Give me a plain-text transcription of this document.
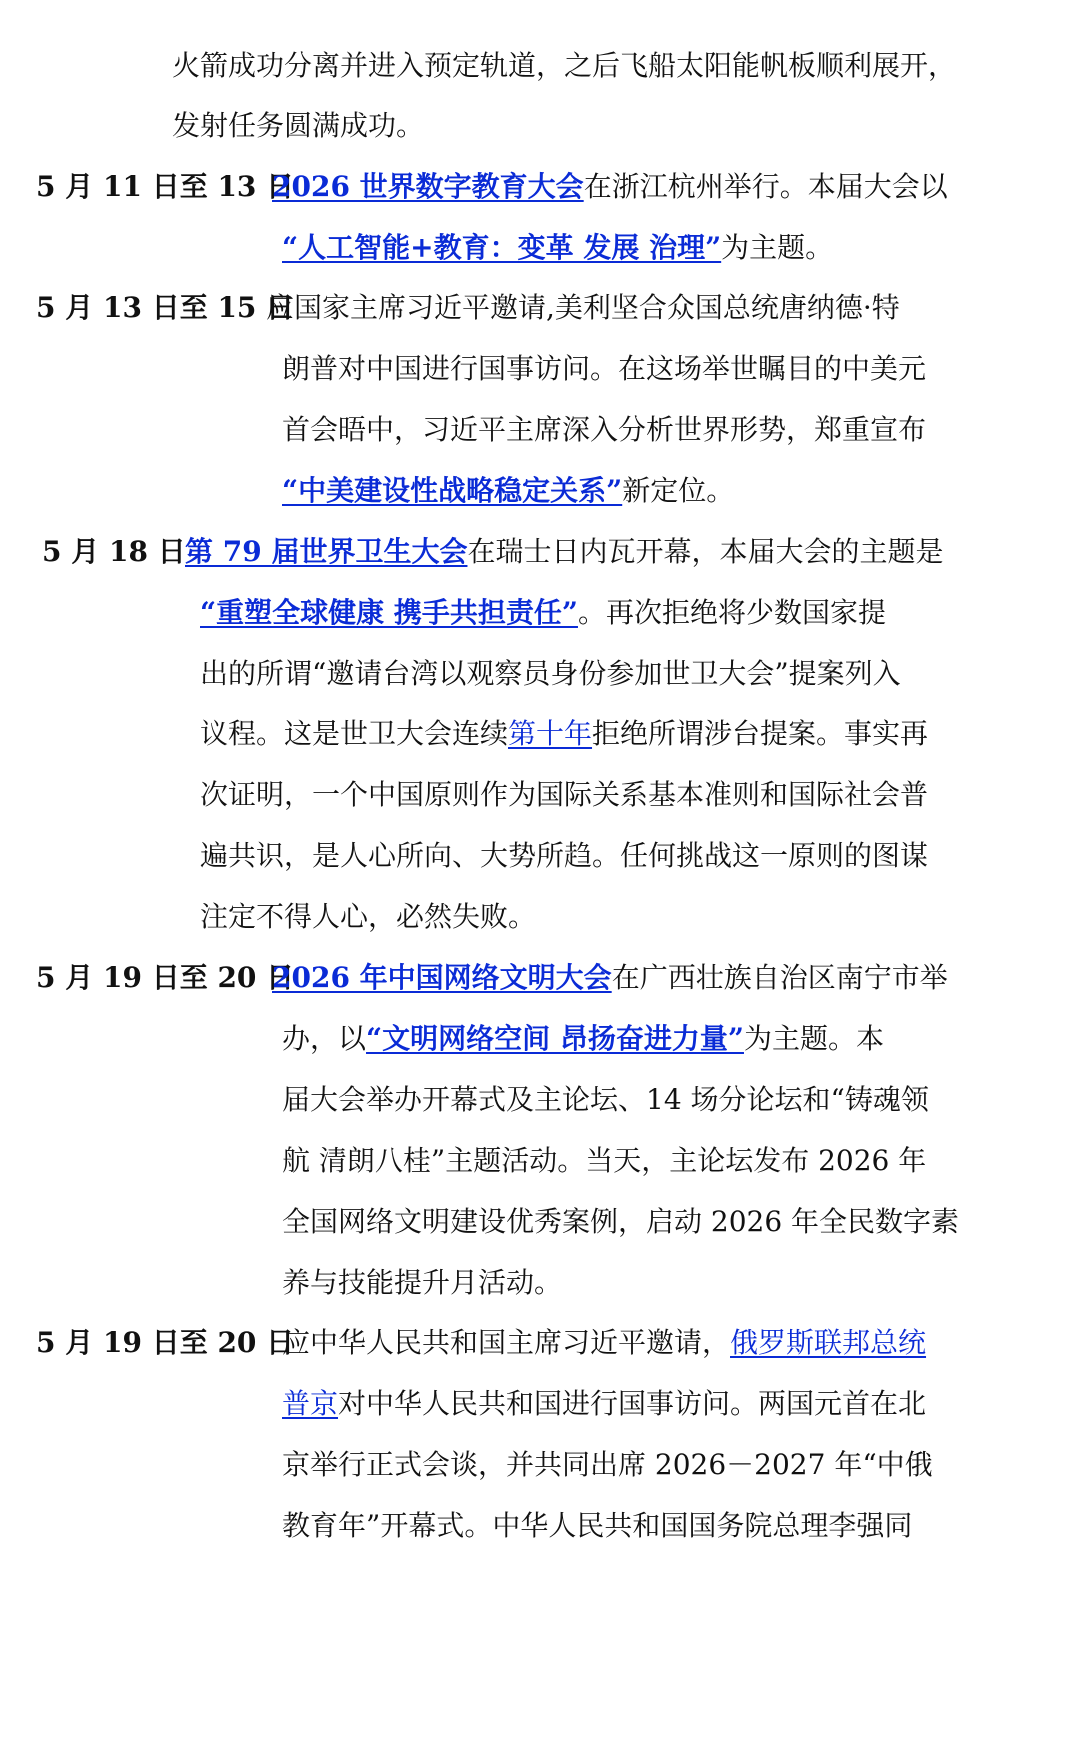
火箭成功分离并进入预定轨道，之后飞船太阳能帆板顺利展开，
发射任务圆满成功。
5 月 11 日至 13 日
2026 世界数字教育大会在浙江杭州举行。本届大会以
“人工智能+教育：变革 发展 治理”为主题。
5 月 13 日至 15 日
应国家主席习近平邀请,美利坚合众国总统唐纳德·特
朗普对中国进行国事访问。在这场举世瞩目的中美元
首会晤中，习近平主席深入分析世界形势，郑重宣布
“中美建设性战略稳定关系”新定位。
5 月 18 日 第 79 届世界卫生大会在瑞士日内瓦开幕，本届大会的主题是
“重塑全球健康 携手共担责任”。再次拒绝将少数国家提
出的所谓“邀请台湾以观察员身份参加世卫大会”提案列入
议程。这是世卫大会连续第十年拒绝所谓涉台提案。事实再
次证明，一个中国原则作为国际关系基本准则和国际社会普
遍共识，是人心所向、大势所趋。任何挑战这一原则的图谋
注定不得人心，必然失败。
5 月 19 日至 20 日
2026 年中国网络文明大会在广西壮族自治区南宁市举
办，以“文明网络空间 昂扬奋进力量”为主题。本
届大会举办开幕式及主论坛、14 场分论坛和“铸魂领
航 清朗八桂”主题活动。当天，主论坛发布 2026 年
全国网络文明建设优秀案例，启动 2026 年全民数字素
养与技能提升月活动。
5 月 19 日至 20 日
应中华人民共和国主席习近平邀请，俄罗斯联邦总统
普京对中华人民共和国进行国事访问。两国元首在北
京举行正式会谈，并共同出席 2026－2027 年“中俄
教育年”开幕式。中华人民共和国国务院总理李强同
